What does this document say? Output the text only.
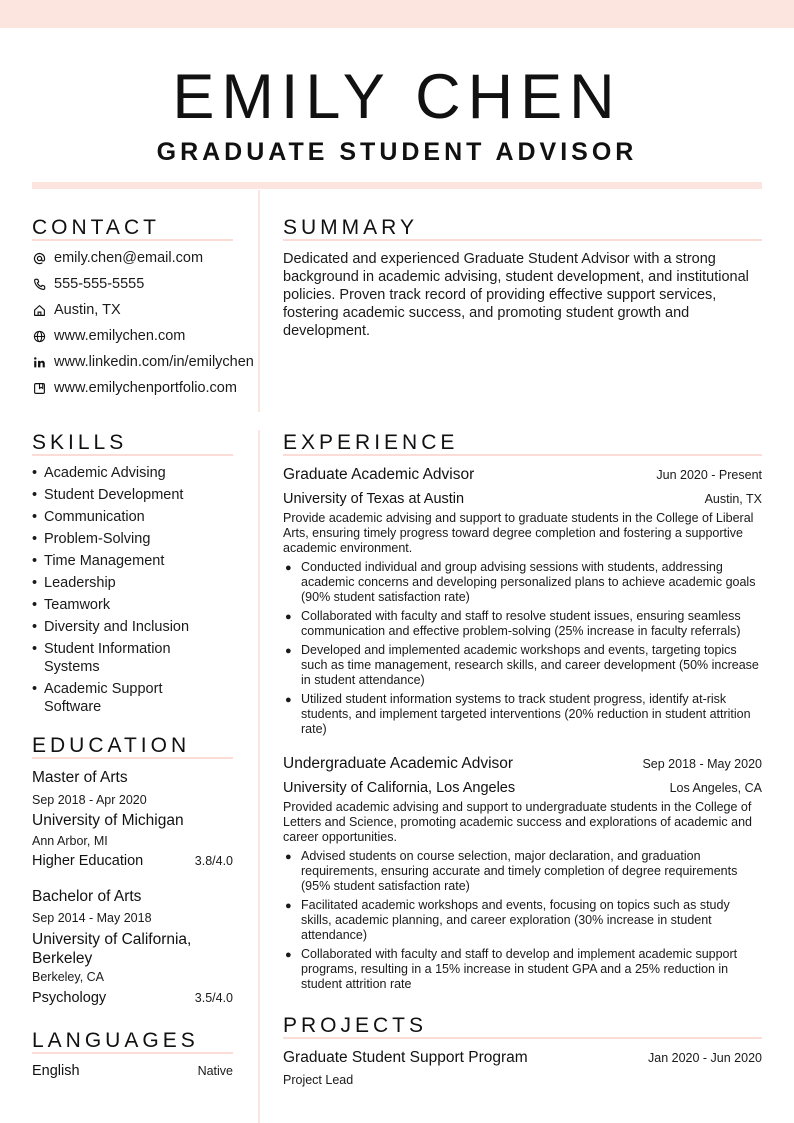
EMILY CHEN
GRADUATE STUDENT ADVISOR
CONTACT
emily.chen@email.com
555-555-5555
Austin, TX
www.emilychen.com
www.linkedin.com/in/emilychen
www.emilychenportfolio.com
SUMMARY

Dedicated and experienced Graduate Student Advisor with a strong background in academic advising, student development, and institutional policies. Proven track record of providing effective support services, fostering academic success, and promoting student growth and development.

SKILLS
• Academic Advising
• Student Development
• Communication
• Problem-Solving
• Time Management
• Leadership
• Teamwork
• Diversity and Inclusion
• Student Information Systems
• Academic Support Software
EDUCATION
Master of Arts
Sep 2018 - Apr 2020
University of Michigan
Ann Arbor, MI
Higher Education	3.8/4.0
Bachelor of Arts
Sep 2014 - May 2018
University of California, Berkeley
Berkeley, CA
Psychology	3.5/4.0
LANGUAGES
English	Native
EXPERIENCE
Graduate Academic Advisor	Jun 2020 - Present
University of Texas at Austin	Austin, TX

Provide academic advising and support to graduate students in the College of Liberal Arts, ensuring timely progress toward degree completion and fostering a supportive academic environment.

● Conducted individual and group advising sessions with students, addressing academic concerns and developing personalized plans to achieve academic goals (90% student satisfaction rate)
● Collaborated with faculty and staff to resolve student issues, ensuring seamless communication and effective problem-solving (25% increase in faculty referrals)
● Developed and implemented academic workshops and events, targeting topics such as time management, research skills, and career development (50% increase in student attendance)
● Utilized student information systems to track student progress, identify at-risk students, and implement targeted interventions (20% reduction in student attrition rate)
Undergraduate Academic Advisor	Sep 2018 - May 2020
University of California, Los Angeles	Los Angeles, CA

Provided academic advising and support to undergraduate students in the College of Letters and Science, promoting academic success and explorations of academic and career opportunities.

● Advised students on course selection, major declaration, and graduation requirements, ensuring accurate and timely completion of degree requirements (95% student satisfaction rate)
● Facilitated academic workshops and events, focusing on topics such as study skills, academic planning, and career exploration (30% increase in student attendance)
● Collaborated with faculty and staff to develop and implement academic support programs, resulting in a 15% increase in student GPA and a 25% reduction in student attrition rate
PROJECTS
Graduate Student Support Program	Jan 2020 - Jun 2020
Project Lead
